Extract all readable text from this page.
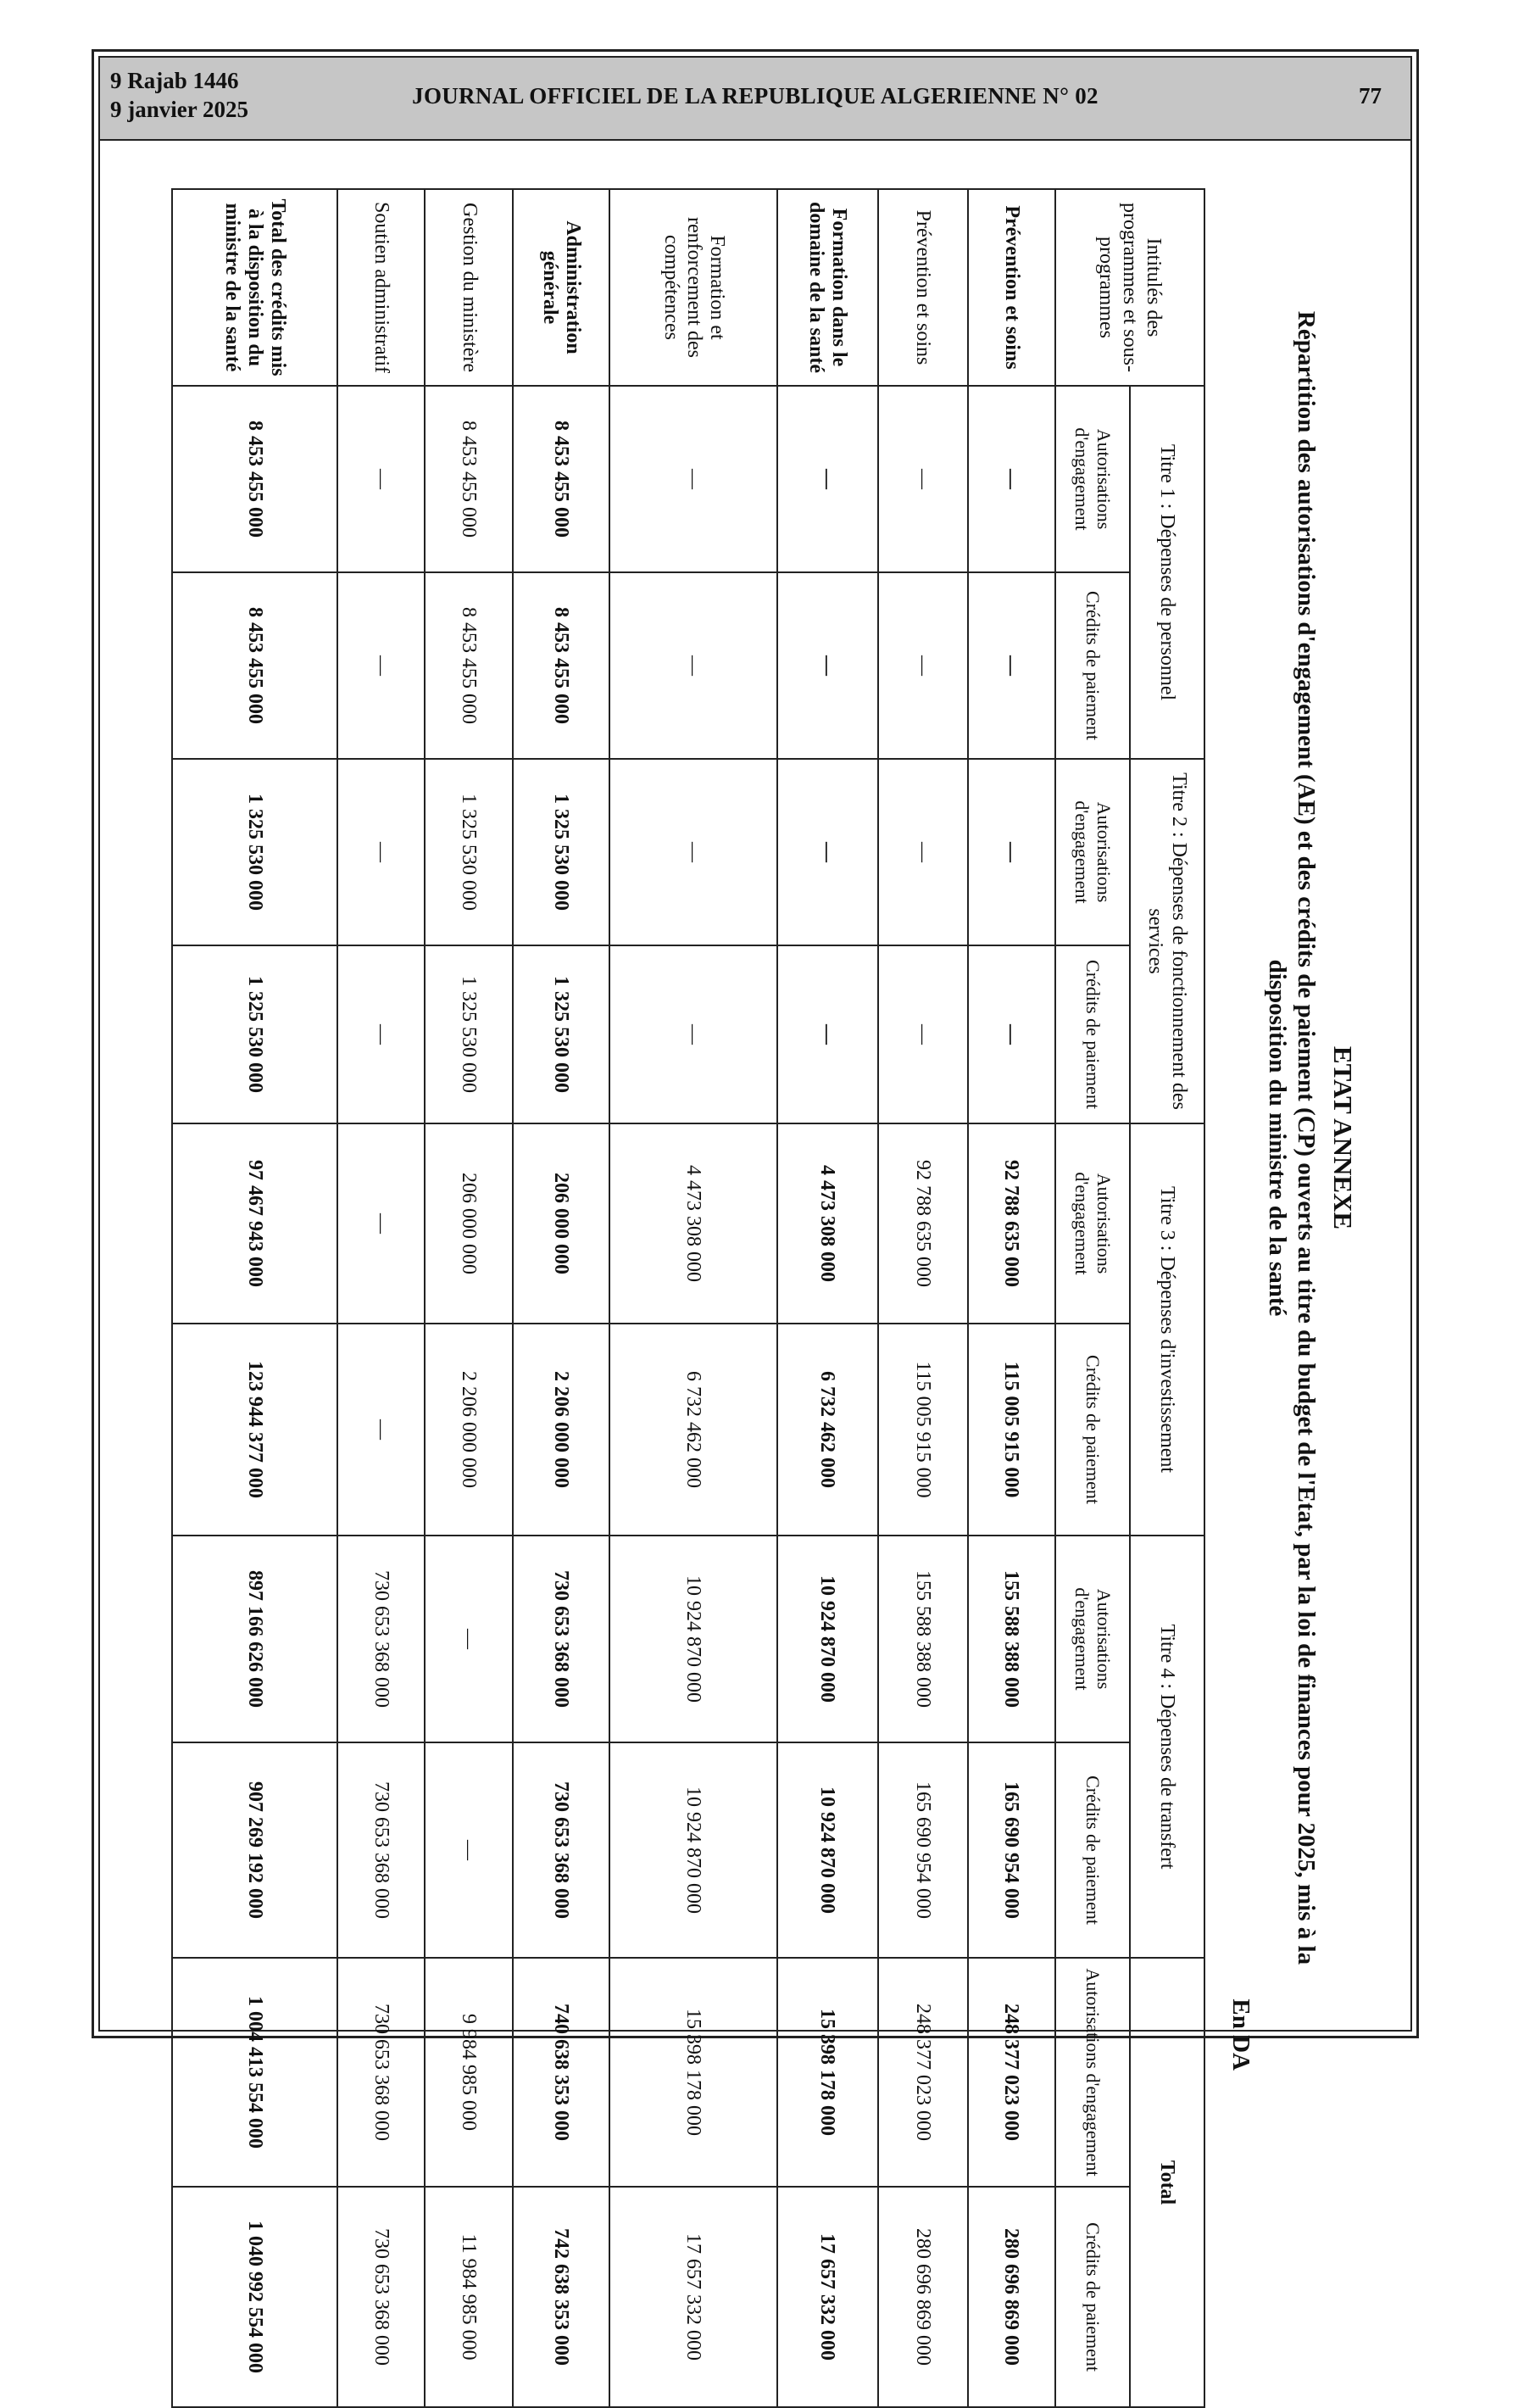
9 Rajab 1446
9 janvier 2025
JOURNAL OFFICIEL DE LA REPUBLIQUE ALGERIENNE N° 02	77
ETAT ANNEXE
Répartition des autorisations d'engagement (AE) et des crédits de paiement (CP) ouverts au titre du budget de l'Etat, par la loi de finances pour 2025, mis à la
disposition du ministre de la santé
En DA
Intitulés des programmes et sous-programmes	Titre 1 : Dépenses de personnel		Titre 2 : Dépenses de fonctionnement des services		Titre 3 : Dépenses d'investissement		Titre 4 : Dépenses de transfert		Total	
	Autorisations d'engagement	Crédits de paiement	Autorisations d'engagement	Crédits de paiement	Autorisations d'engagement	Crédits de paiement	Autorisations d'engagement	Crédits de paiement	Autorisations d'engagement	Crédits de paiement
Prévention et soins	—	—	—	—	92 788 635 000	115 005 915 000	155 588 388 000	165 690 954 000	248 377 023 000	280 696 869 000
Prévention et soins	—	—	—	—	92 788 635 000	115 005 915 000	155 588 388 000	165 690 954 000	248 377 023 000	280 696 869 000
Formation dans le domaine de la santé	—	—	—	—	4 473 308 000	6 732 462 000	10 924 870 000	10 924 870 000	15 398 178 000	17 657 332 000
Formation et renforcement des compétences	—	—	—	—	4 473 308 000	6 732 462 000	10 924 870 000	10 924 870 000	15 398 178 000	17 657 332 000
Administration générale	8 453 455 000	8 453 455 000	1 325 530 000	1 325 530 000	206 000 000	2 206 000 000	730 653 368 000	730 653 368 000	740 638 353 000	742 638 353 000
Gestion du ministère	8 453 455 000	8 453 455 000	1 325 530 000	1 325 530 000	206 000 000	2 206 000 000	—	—	9 984 985 000	11 984 985 000
Soutien administratif	—	—	—	—	—	—	730 653 368 000	730 653 368 000	730 653 368 000	730 653 368 000
Total des crédits mis à la disposition du ministre de la santé	8 453 455 000	8 453 455 000	1 325 530 000	1 325 530 000	97 467 943 000	123 944 377 000	897 166 626 000	907 269 192 000	1 004 413 554 000	1 040 992 554 000
